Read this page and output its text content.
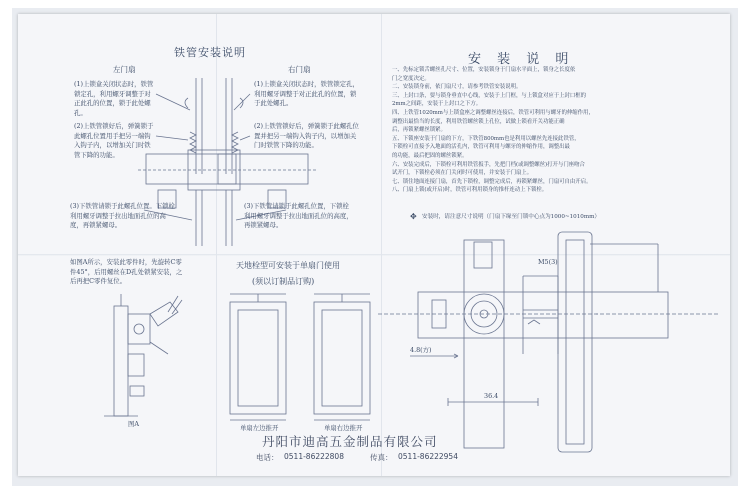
铁管安装说明
左门扇	右门扇
(1)上锁盒关闭状态时，铁管锁定孔，利用螺牙调整于对正此孔的位置，锁于此处螺孔。
(2)上铁管锁好后，弹簧锁于此螺孔位置用手把另一端钩入钩子内，以增加关门时铁管下降的功能。
(1)上锁盒关闭状态时，铁管锁定孔，利用螺牙调整于对正此孔的位置，锁于此处螺孔。
(2)上铁管锁好后，弹簧锁于此螺孔位置并把另一端钩入钩子内，以增加关门时铁管下降的功能。
(3)下铁管请锁于此螺孔位置。下锁栓利用螺牙调整于拉出地面孔位的高度，再锁紧螺母。
(3)下铁管请锁于此螺孔位置，下锁栓利用螺牙调整于拉出地面孔位的高度，再锁紧螺母。
如图A所示，安装此零件时，先旋转C零件45°，后用螺丝在D孔处锁紧安装，之后再把C零件复位。
图A
天地栓型可安装于单扇门使用
(须以订制品订购)
单扇左边推开	单扇右边推开
安 装 说 明

一、先标定锁舌螺丝孔尺寸、位置，安装锁身于门扇水平面上，锁身之长度依

门之宽度决定。

二、安装锁身前，依门扇尺寸，请参考铁管安装说明。

三、上封口条，要与锁身垂直中心线，安装于上门框，与上锁盒对应于上封口框的

2mm之间距，安装于上封口之下方。

四、上铁管1020mm与上锁盒座之调整螺丝连接后，铁管可利用与螺牙的伸缩作用，

调整出最恰当的长度，利用铁管螺丝锁上孔位，试做上锁看开关功能正确

后，再锁紧螺丝锁紧。

五、下锁座安装于门扇的下方，下铁管800mm也是利用以螺丝先连接此铁管，

下锁栓可直接予入地面的活孔内，铁管可利用与螺牙的伸缩作用，调整出最

的功能，最后把固的螺丝锁紧。

六、安装完成后，下锁栓可利用铁管扳手，先把门档(或调整螺丝)打开与门座吻合

试开门，下锁栓必须在门关闭时可使用，并安装于门扇上。

七、锁住地面连接门扇，首先下锁栓，调整完成后，再锁紧螺丝，门扇可自由开启。

八、门扇上锁(或开启)时，铁管可利用锁身的推杆连动上下锁栓。

✥ 安装时，请注意尺寸说明（门扇下缘至门锁中心点为1000~1010mm）
M5(3)
4.8(方)
36.4
丹阳市迪高五金制品有限公司
电话： 0511-86222808	传真： 0511-86222954
